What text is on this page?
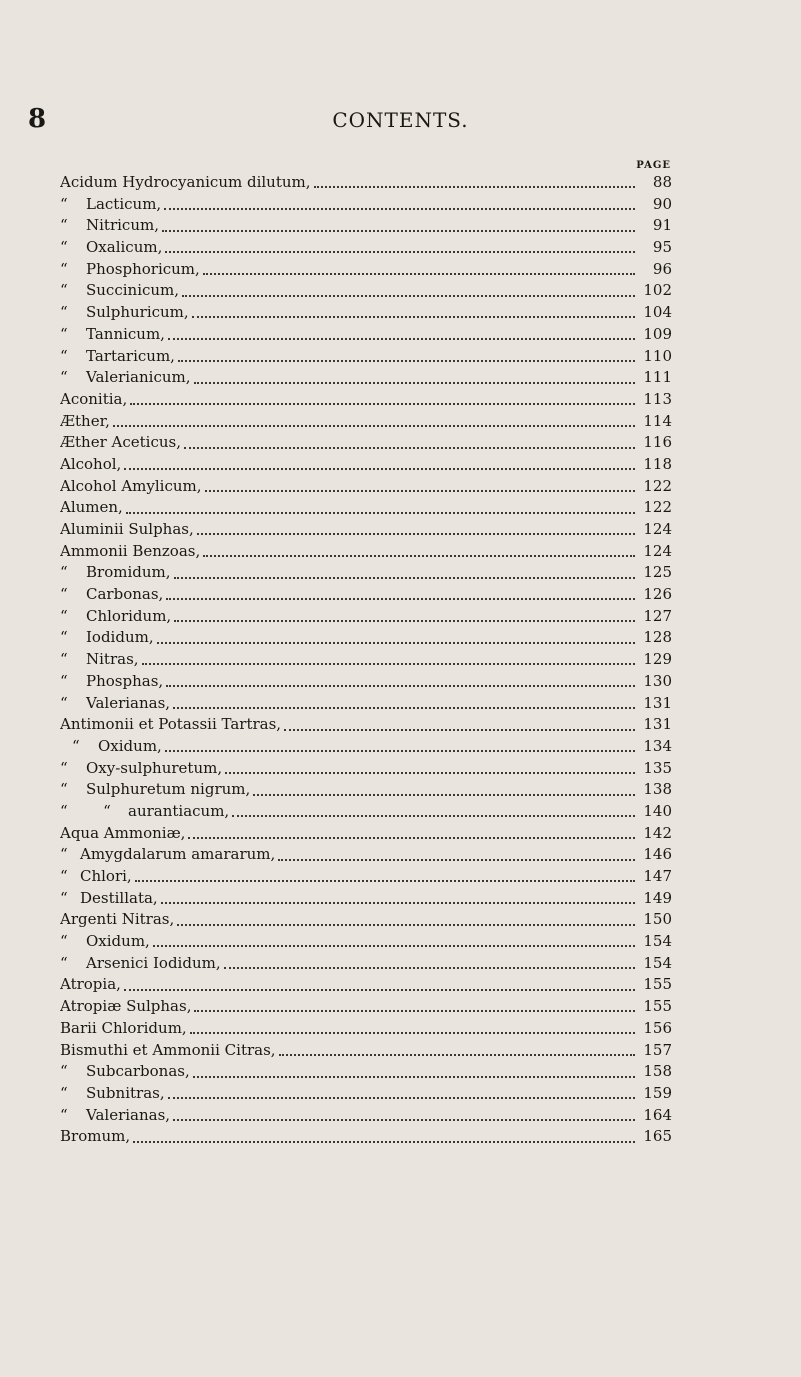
8	CONTENTS.
PAGE
Acidum Hydrocyanicum dilutum,	88
“	Lacticum,	90
“	Nitricum,	91
“	Oxalicum,	95
“	Phosphoricum,	96
“	Succinicum,	102
“	Sulphuricum,	104
“	Tannicum,	109
“	Tartaricum,	110
“	Valerianicum,	111
Aconitia,	113
Æther,	114
Æther Aceticus,	116
Alcohol,	118
Alcohol Amylicum,	122
Alumen,	122
Aluminii Sulphas,	124
Ammonii Benzoas,	124
“	Bromidum,	125
“	Carbonas,	126
“	Chloridum,	127
“	Iodidum,	128
“	Nitras,	129
“	Phosphas,	130
“	Valerianas,	131
Antimonii et Potassii Tartras,	131
“	Oxidum,	134
“	Oxy-sulphuretum,	135
“	Sulphuretum nigrum,	138
“	“	aurantiacum,	140
Aqua Ammoniæ,	142
“ Amygdalarum amararum,	146
“ Chlori,	147
“ Destillata,	149
Argenti Nitras,	150
“	Oxidum,	154
“	Arsenici Iodidum,	154
Atropia,	155
Atropiæ Sulphas,	155
Barii Chloridum,	156
Bismuthi et Ammonii Citras,	157
“	Subcarbonas,	158
“	Subnitras,	159
“	Valerianas,	164
Bromum,	165
